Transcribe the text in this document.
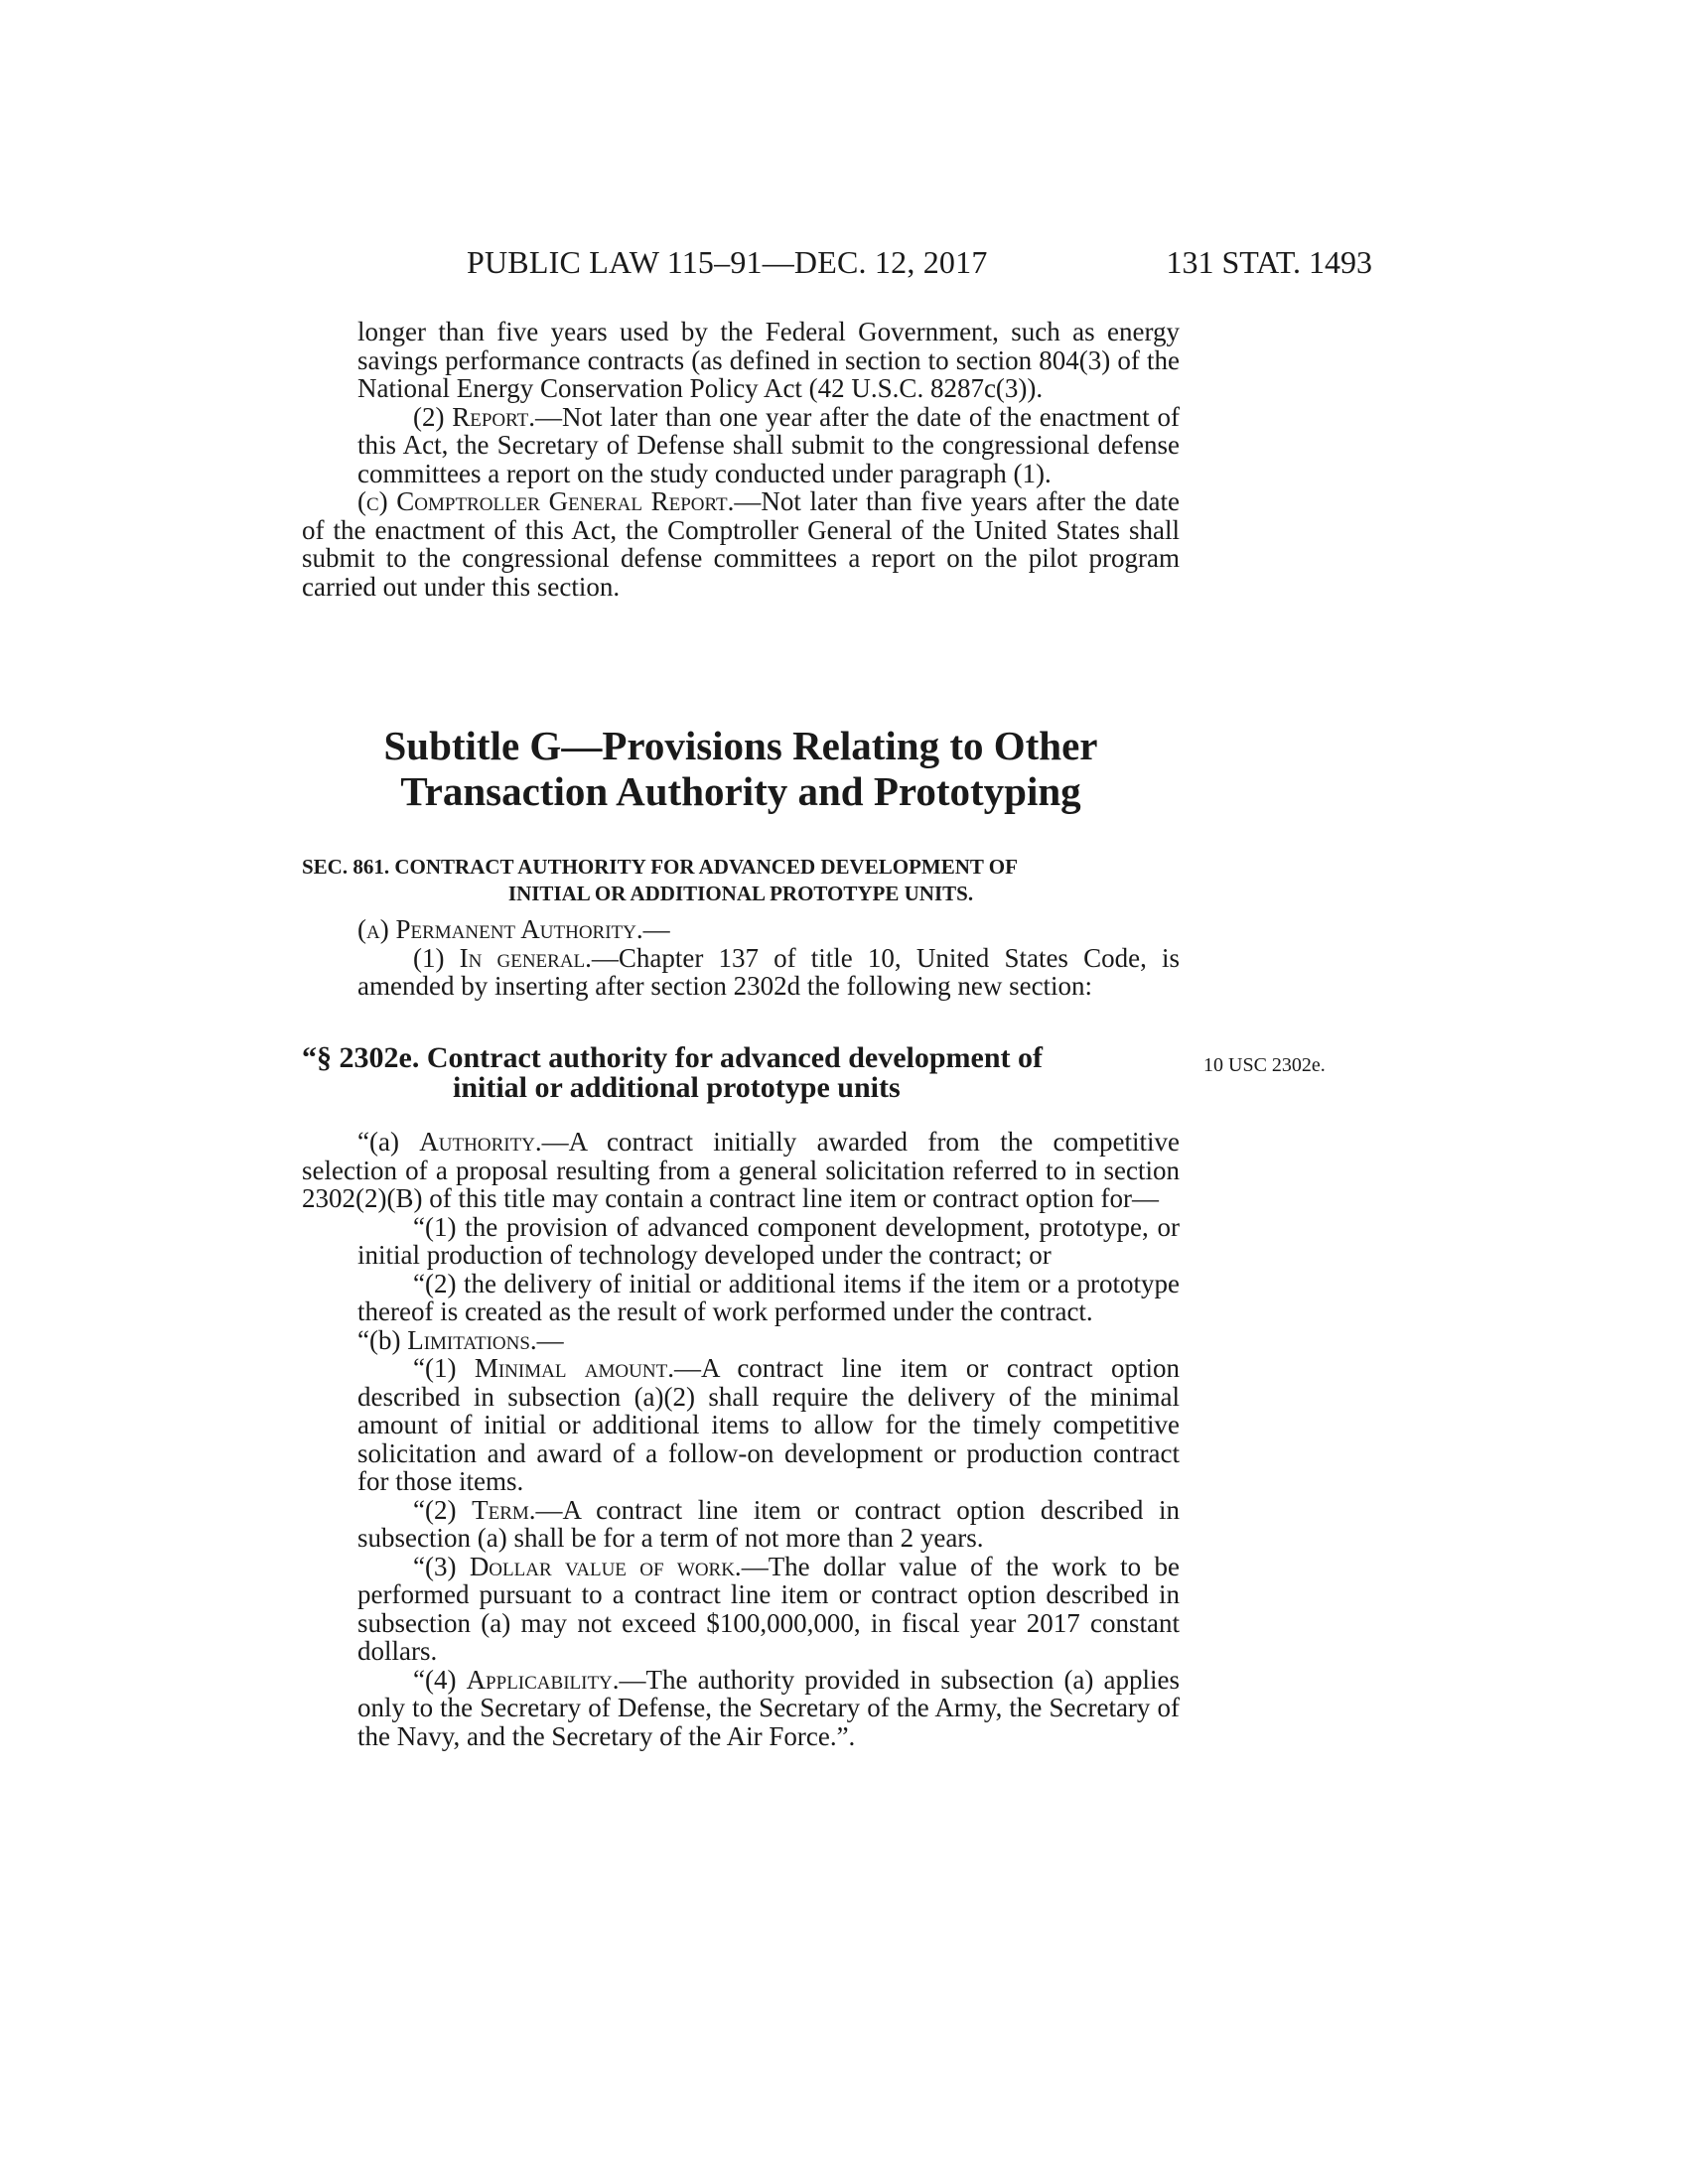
PUBLIC LAW 115–91—DEC. 12, 2017	131 STAT. 1493

longer than five years used by the Federal Government, such as energy savings performance contracts (as defined in section to section 804(3) of the National Energy Conservation Policy Act (42 U.S.C. 8287c(3)).

(2) Report.—Not later than one year after the date of the enactment of this Act, the Secretary of Defense shall submit to the congressional defense committees a report on the study conducted under paragraph (1).

(c) Comptroller General Report.—Not later than five years after the date of the enactment of this Act, the Comptroller General of the United States shall submit to the congressional defense committees a report on the pilot program carried out under this section.

Subtitle G—Provisions Relating to Other
Transaction Authority and Prototyping
SEC. 861. CONTRACT AUTHORITY FOR ADVANCED DEVELOPMENT OF
INITIAL OR ADDITIONAL PROTOTYPE UNITS.

(a) Permanent Authority.—

(1) In general.—Chapter 137 of title 10, United States Code, is amended by inserting after section 2302d the following new section:

“§ 2302e. Contract authority for advanced development of
initial or additional prototype units
10 USC 2302e.

“(a) Authority.—A contract initially awarded from the competitive selection of a proposal resulting from a general solicitation referred to in section 2302(2)(B) of this title may contain a contract line item or contract option for—

“(1) the provision of advanced component development, prototype, or initial production of technology developed under the contract; or

“(2) the delivery of initial or additional items if the item or a prototype thereof is created as the result of work performed under the contract.

“(b) Limitations.—

“(1) Minimal amount.—A contract line item or contract option described in subsection (a)(2) shall require the delivery of the minimal amount of initial or additional items to allow for the timely competitive solicitation and award of a follow-on development or production contract for those items.

“(2) Term.—A contract line item or contract option described in subsection (a) shall be for a term of not more than 2 years.

“(3) Dollar value of work.—The dollar value of the work to be performed pursuant to a contract line item or contract option described in subsection (a) may not exceed $100,000,000, in fiscal year 2017 constant dollars.

“(4) Applicability.—The authority provided in subsection (a) applies only to the Secretary of Defense, the Secretary of the Army, the Secretary of the Navy, and the Secretary of the Air Force.”.
